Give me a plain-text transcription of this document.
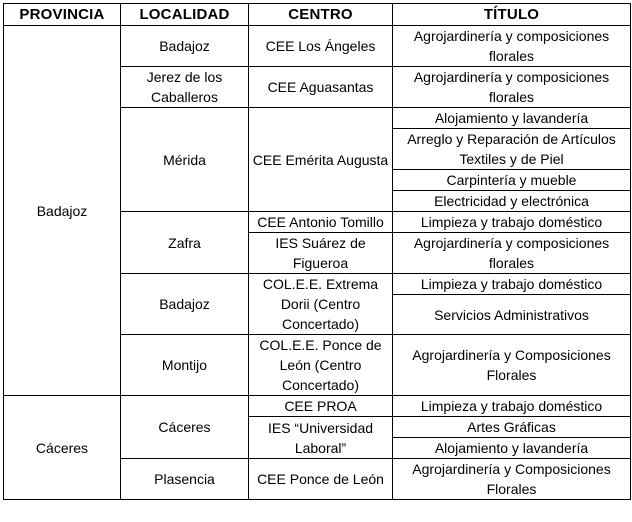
PROVINCIA	LOCALIDAD	CENTRO	TÍTULO
Badajoz	Badajoz	CEE Los Ángeles	Agrojardinería y composiciones florales
	Jerez de los Caballeros	CEE Aguasantas	Agrojardinería y composiciones florales
	Mérida	CEE Emérita Augusta	Alojamiento y lavandería
			Arreglo y Reparación de Artículos Textiles y de Piel
			Carpintería y mueble
			Electricidad y electrónica
	Zafra	CEE Antonio Tomillo	Limpieza y trabajo doméstico
		IES Suárez de Figueroa	Agrojardinería y composiciones florales
	Badajoz	COL.E.E. Extrema Dorii (Centro Concertado)	Limpieza y trabajo doméstico
			Servicios Administrativos

	Montijo	COL.E.E. Ponce de León (Centro Concertado)	Agrojardinería y Composiciones Florales

Cáceres	Cáceres	CEE PROA	Limpieza y trabajo doméstico
		IES “Universidad Laboral”	Artes Gráficas
			Alojamiento y lavandería
	Plasencia	CEE Ponce de León	Agrojardinería y Composiciones Florales
